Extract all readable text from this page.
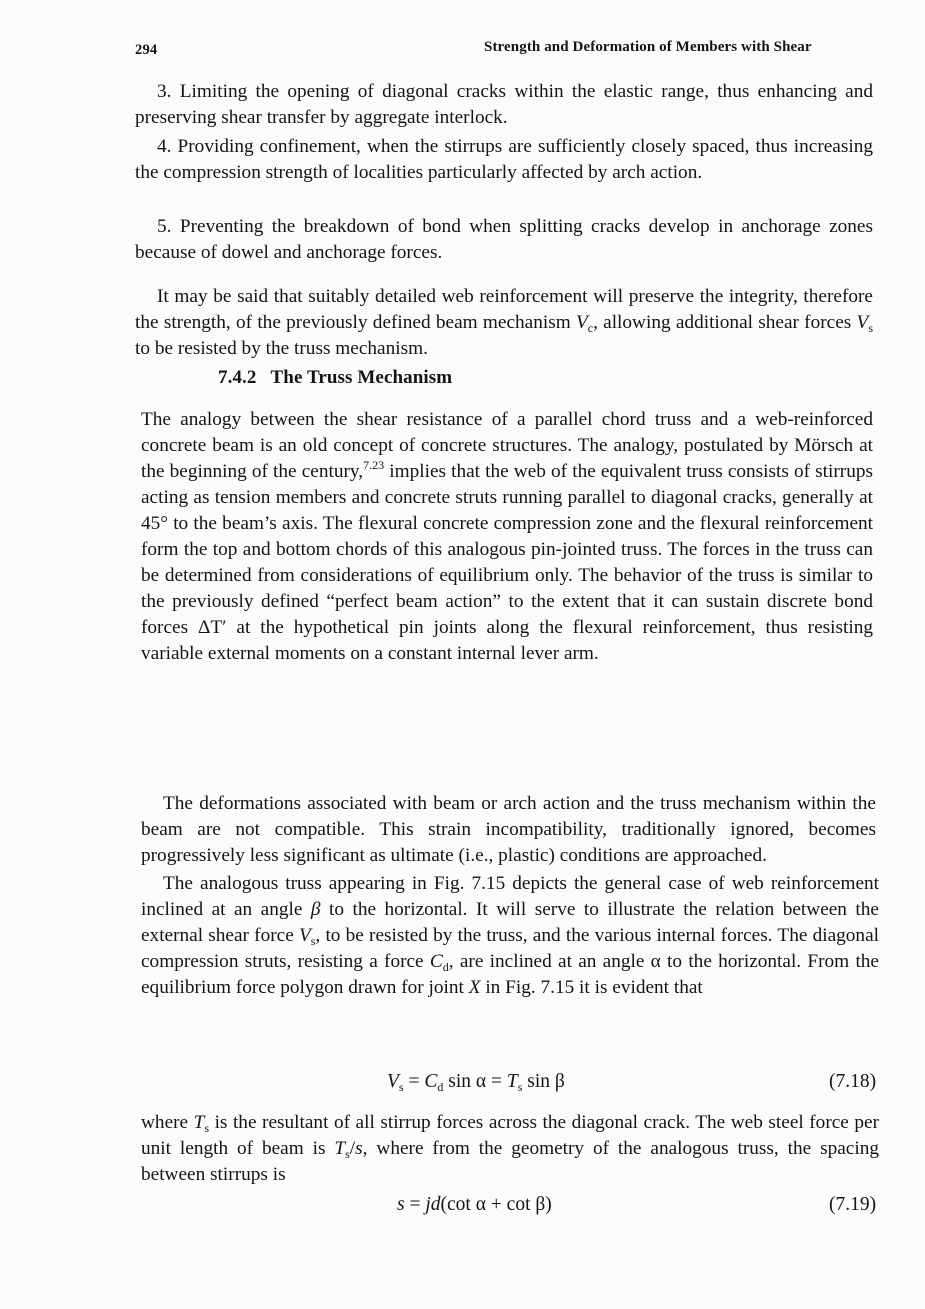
294	Strength and Deformation of Members with Shear

3. Limiting the opening of diagonal cracks within the elastic range, thus enhancing and preserving shear transfer by aggregate interlock.

4. Providing confinement, when the stirrups are sufficiently closely spaced, thus increasing the compression strength of localities particularly affected by arch action.

5. Preventing the breakdown of bond when splitting cracks develop in anchorage zones because of dowel and anchorage forces.

It may be said that suitably detailed web reinforcement will preserve the integrity, therefore the strength, of the previously defined beam mechanism $V_c$, allowing additional shear forces $V_s$ to be resisted by the truss mechanism.

7.4.2 The Truss Mechanism

The analogy between the shear resistance of a parallel chord truss and a web-reinforced concrete beam is an old concept of concrete structures. The analogy, postulated by Mörsch at the beginning of the century,$^{7.23}$ implies that the web of the equivalent truss consists of stirrups acting as tension members and concrete struts running parallel to diagonal cracks, generally at 45° to the beam’s axis. The flexural concrete compression zone and the flexural reinforcement form the top and bottom chords of this analogous pin-jointed truss. The forces in the truss can be determined from considerations of equilibrium only. The behavior of the truss is similar to the previously defined “perfect beam action” to the extent that it can sustain discrete bond forces ΔT′ at the hypothetical pin joints along the flexural reinforcement, thus resisting variable external moments on a constant internal lever arm.

The deformations associated with beam or arch action and the truss mechanism within the beam are not compatible. This strain incompatibility, traditionally ignored, becomes progressively less significant as ultimate (i.e., plastic) conditions are approached.

The analogous truss appearing in Fig. 7.15 depicts the general case of web reinforcement inclined at an angle β to the horizontal. It will serve to illustrate the relation between the external shear force $V_s$, to be resisted by the truss, and the various internal forces. The diagonal compression struts, resisting a force $C_d$, are inclined at an angle α to the horizontal. From the equilibrium force polygon drawn for joint X in Fig. 7.15 it is evident that

$V_s = C_d$ $\sin \alpha = T_s$ sin β	(7.18)

where $T_s$ is the resultant of all stirrup forces across the diagonal crack. The web steel force per unit length of beam is $T_s/s$, where from the geometry of the analogous truss, the spacing between stirrups is

s = jd(cot α + cot β)	(7.19)
